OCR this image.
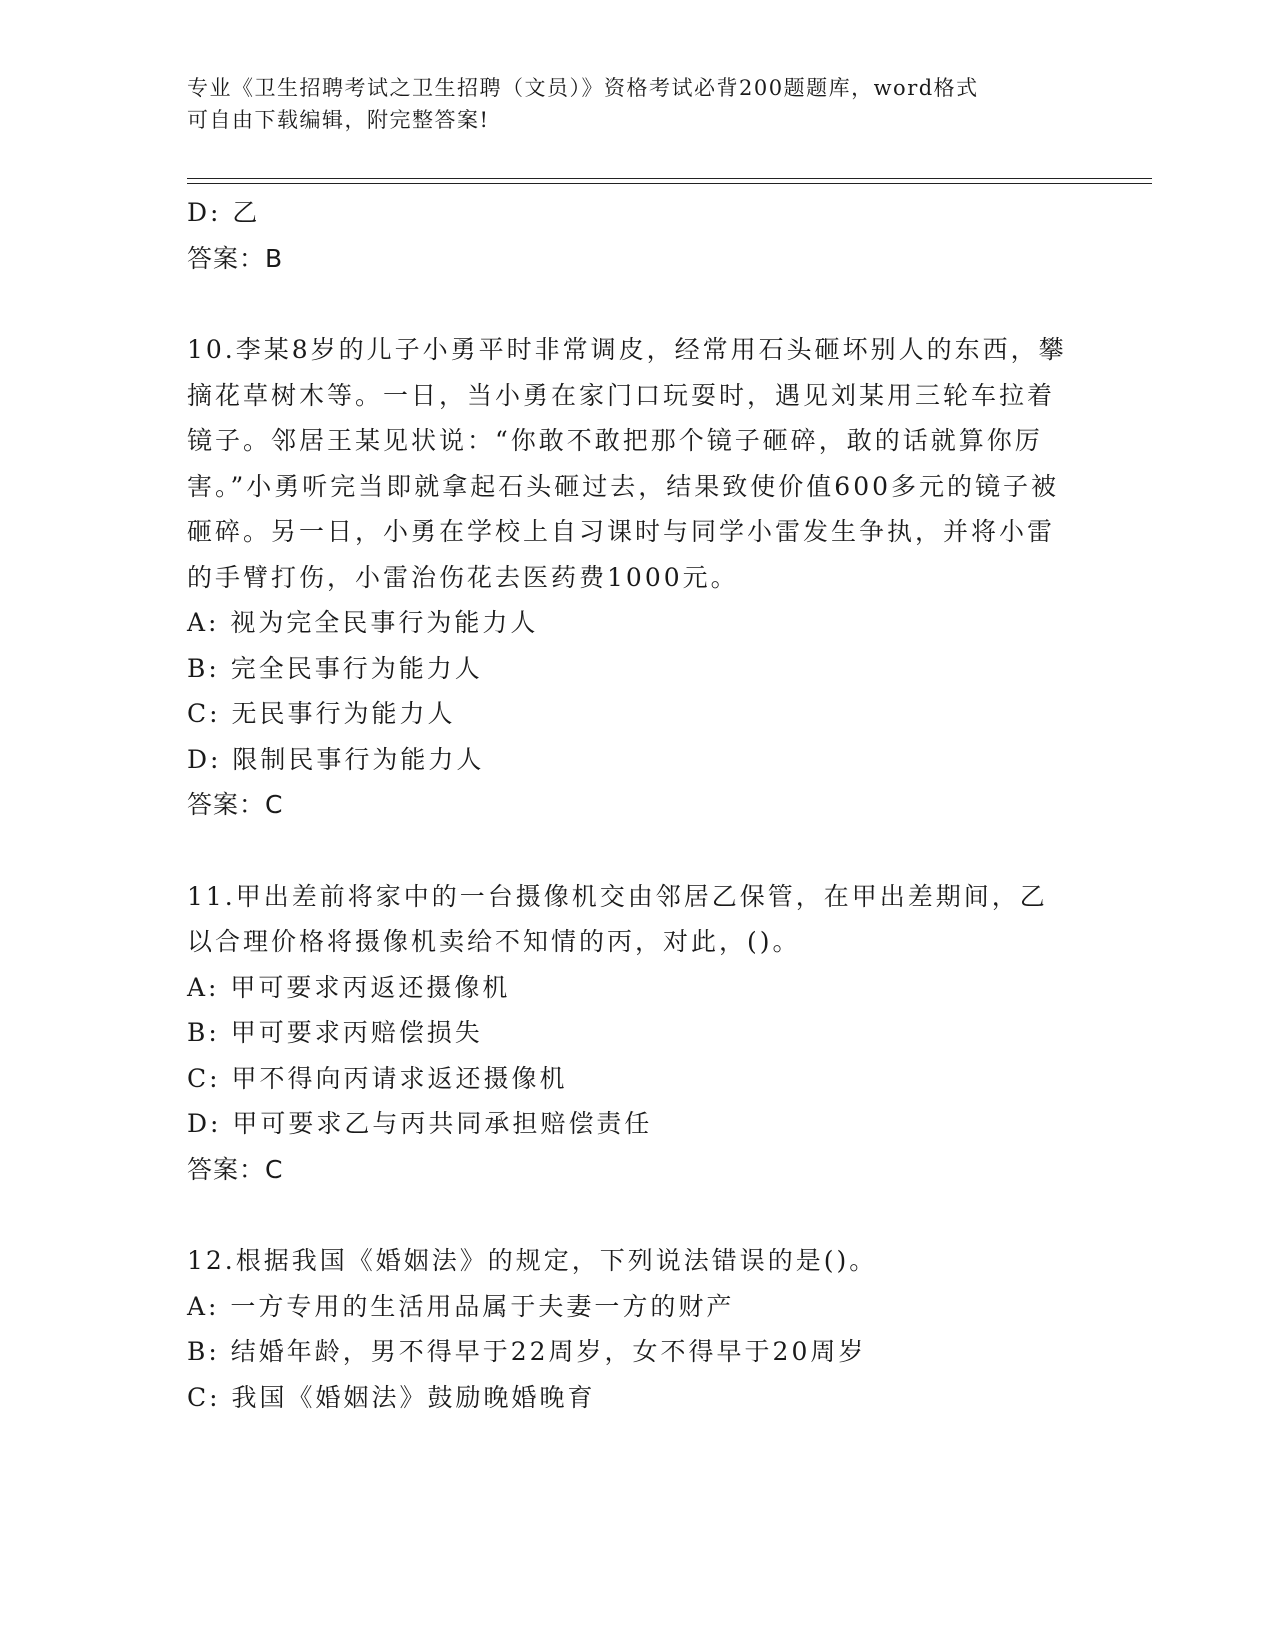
专业《卫生招聘考试之卫生招聘（文员）》资格考试必背200题题库，word格式
可自由下载编辑，附完整答案!

D: 乙

答案：B

10.李某8岁的儿子小勇平时非常调皮，经常用石头砸坏别人的东西，攀摘花草树木等。一日，当小勇在家门口玩耍时，遇见刘某用三轮车拉着镜子。邻居王某见状说：“你敢不敢把那个镜子砸碎，敢的话就算你厉害。”小勇听完当即就拿起石头砸过去，结果致使价值600多元的镜子被砸碎。另一日，小勇在学校上自习课时与同学小雷发生争执，并将小雷的手臂打伤，小雷治伤花去医药费1000元。

A: 视为完全民事行为能力人

B: 完全民事行为能力人

C: 无民事行为能力人

D: 限制民事行为能力人

答案：C

11.甲出差前将家中的一台摄像机交由邻居乙保管，在甲出差期间，乙以合理价格将摄像机卖给不知情的丙，对此，()。

A: 甲可要求丙返还摄像机

B: 甲可要求丙赔偿损失

C: 甲不得向丙请求返还摄像机

D: 甲可要求乙与丙共同承担赔偿责任

答案：C

12.根据我国《婚姻法》的规定，下列说法错误的是()。

A: 一方专用的生活用品属于夫妻一方的财产

B: 结婚年龄，男不得早于22周岁，女不得早于20周岁

C: 我国《婚姻法》鼓励晚婚晚育
